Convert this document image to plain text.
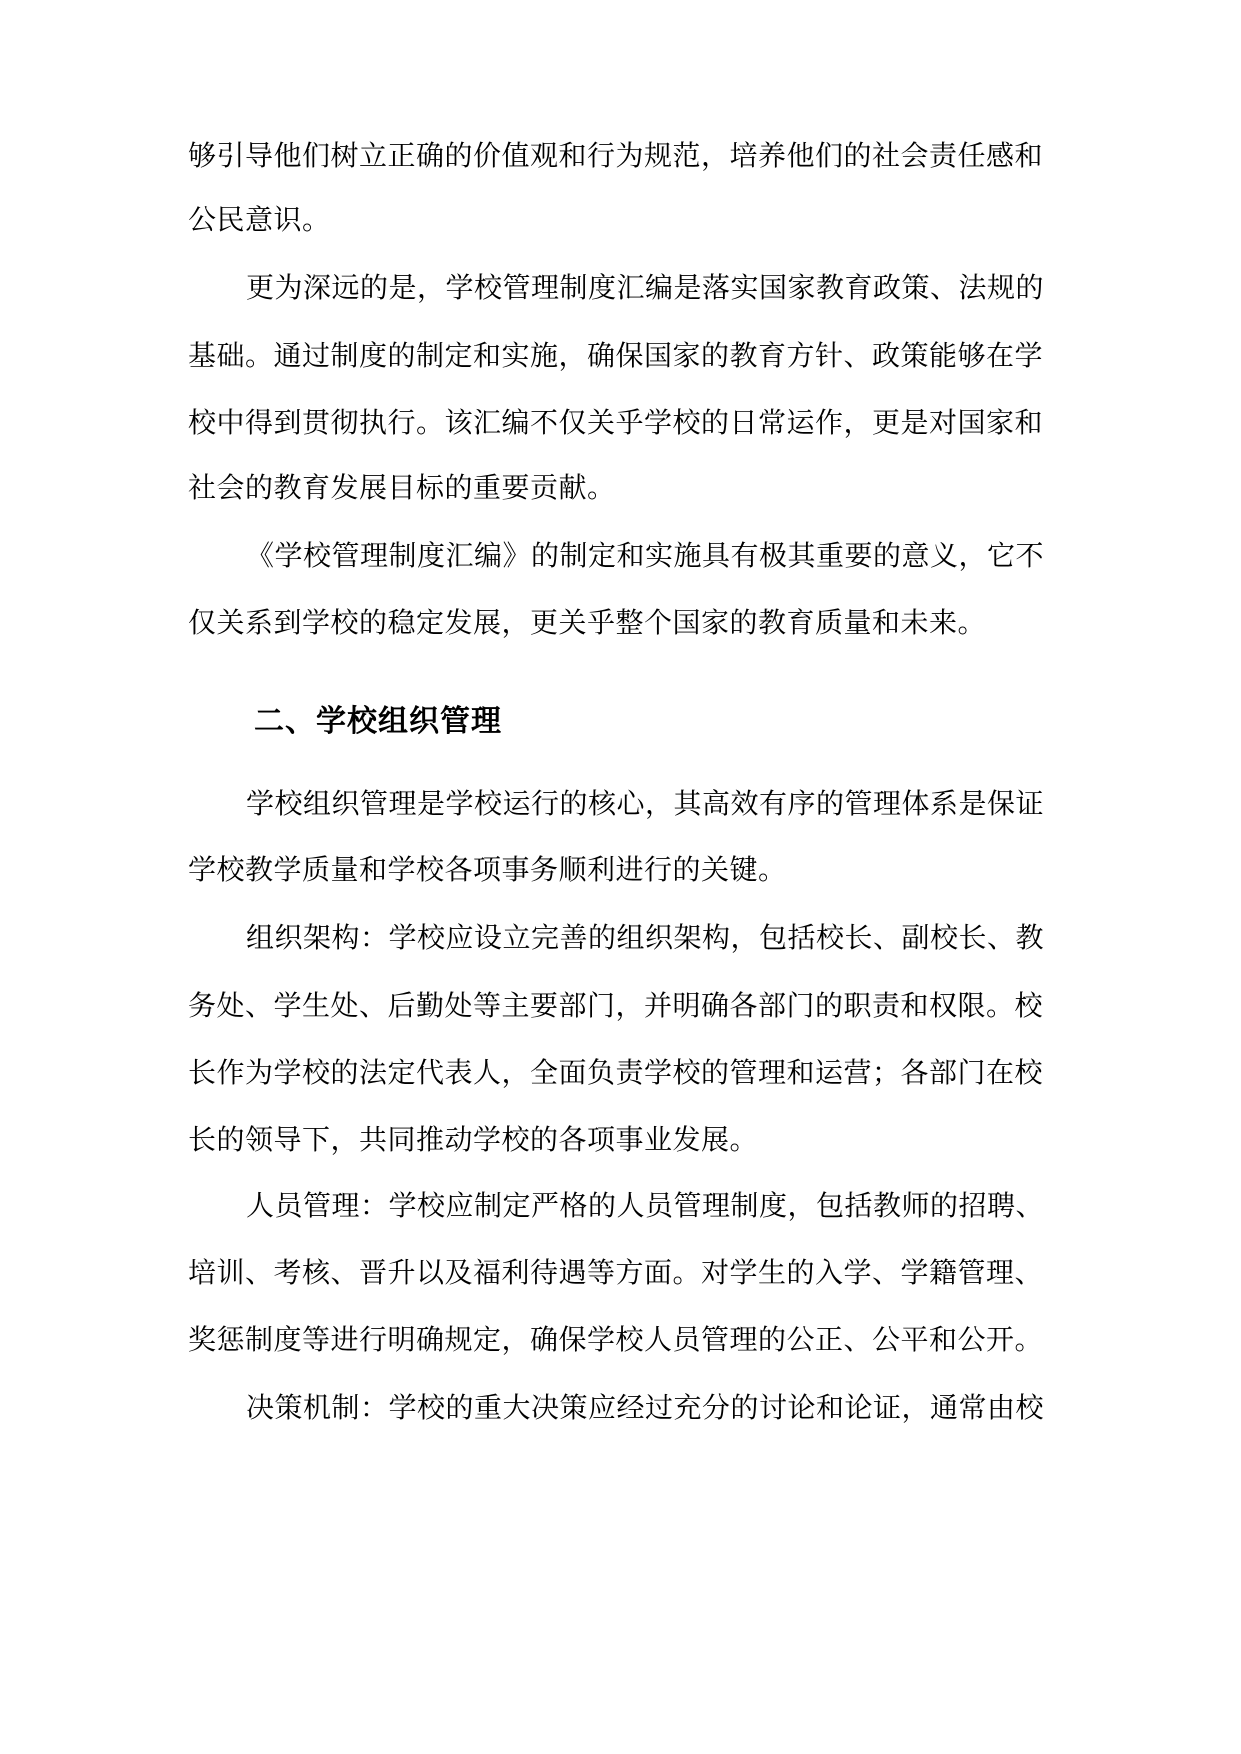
够引导他们树立正确的价值观和行为规范，培养他们的社会责任感和
公民意识。
更为深远的是，学校管理制度汇编是落实国家教育政策、法规的
基础。通过制度的制定和实施，确保国家的教育方针、政策能够在学
校中得到贯彻执行。该汇编不仅关乎学校的日常运作，更是对国家和
社会的教育发展目标的重要贡献。
《学校管理制度汇编》的制定和实施具有极其重要的意义，它不
仅关系到学校的稳定发展，更关乎整个国家的教育质量和未来。
二、学校组织管理
学校组织管理是学校运行的核心，其高效有序的管理体系是保证
学校教学质量和学校各项事务顺利进行的关键。
组织架构：学校应设立完善的组织架构，包括校长、副校长、教
务处、学生处、后勤处等主要部门，并明确各部门的职责和权限。校
长作为学校的法定代表人，全面负责学校的管理和运营；各部门在校
长的领导下，共同推动学校的各项事业发展。
人员管理：学校应制定严格的人员管理制度，包括教师的招聘、
培训、考核、晋升以及福利待遇等方面。对学生的入学、学籍管理、
奖惩制度等进行明确规定，确保学校人员管理的公正、公平和公开。
决策机制：学校的重大决策应经过充分的讨论和论证，通常由校
